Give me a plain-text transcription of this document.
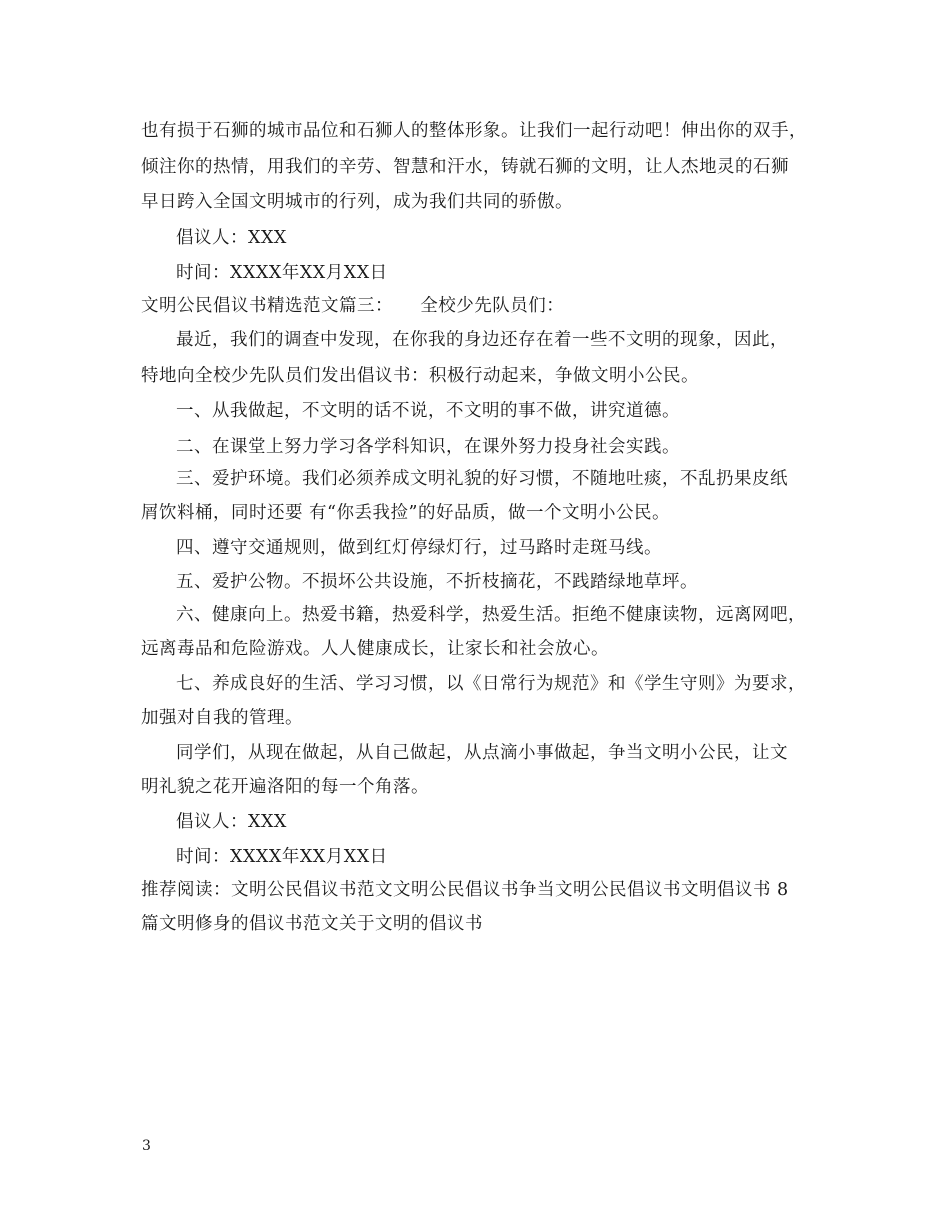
也有损于石狮的城市品位和石狮人的整体形象。让我们一起行动吧！伸出你的双手，
倾注你的热情，用我们的辛劳、智慧和汗水，铸就石狮的文明，让人杰地灵的石狮
早日跨入全国文明城市的行列，成为我们共同的骄傲。
倡议人：XXX
时间：XXXX年XX月XX日
文明公民倡议书精选范文篇三：　　全校少先队员们：
最近，我们的调查中发现，在你我的身边还存在着一些不文明的现象，因此，
特地向全校少先队员们发出倡议书：积极行动起来，争做文明小公民。
一、从我做起，不文明的话不说，不文明的事不做，讲究道德。
二、在课堂上努力学习各学科知识，在课外努力投身社会实践。
三、爱护环境。我们必须养成文明礼貌的好习惯，不随地吐痰，不乱扔果皮纸
屑饮料桶，同时还要 有“你丢我捡”的好品质，做一个文明小公民。
四、遵守交通规则，做到红灯停绿灯行，过马路时走斑马线。
五、爱护公物。不损坏公共设施，不折枝摘花，不践踏绿地草坪。
六、健康向上。热爱书籍，热爱科学，热爱生活。拒绝不健康读物，远离网吧，
远离毒品和危险游戏。人人健康成长，让家长和社会放心。
七、养成良好的生活、学习习惯，以《日常行为规范》和《学生守则》为要求，
加强对自我的管理。
同学们，从现在做起，从自己做起，从点滴小事做起，争当文明小公民，让文
明礼貌之花开遍洛阳的每一个角落。
倡议人：XXX
时间：XXXX年XX月XX日
推荐阅读：文明公民倡议书范文文明公民倡议书争当文明公民倡议书文明倡议书 8
篇文明修身的倡议书范文关于文明的倡议书
3
